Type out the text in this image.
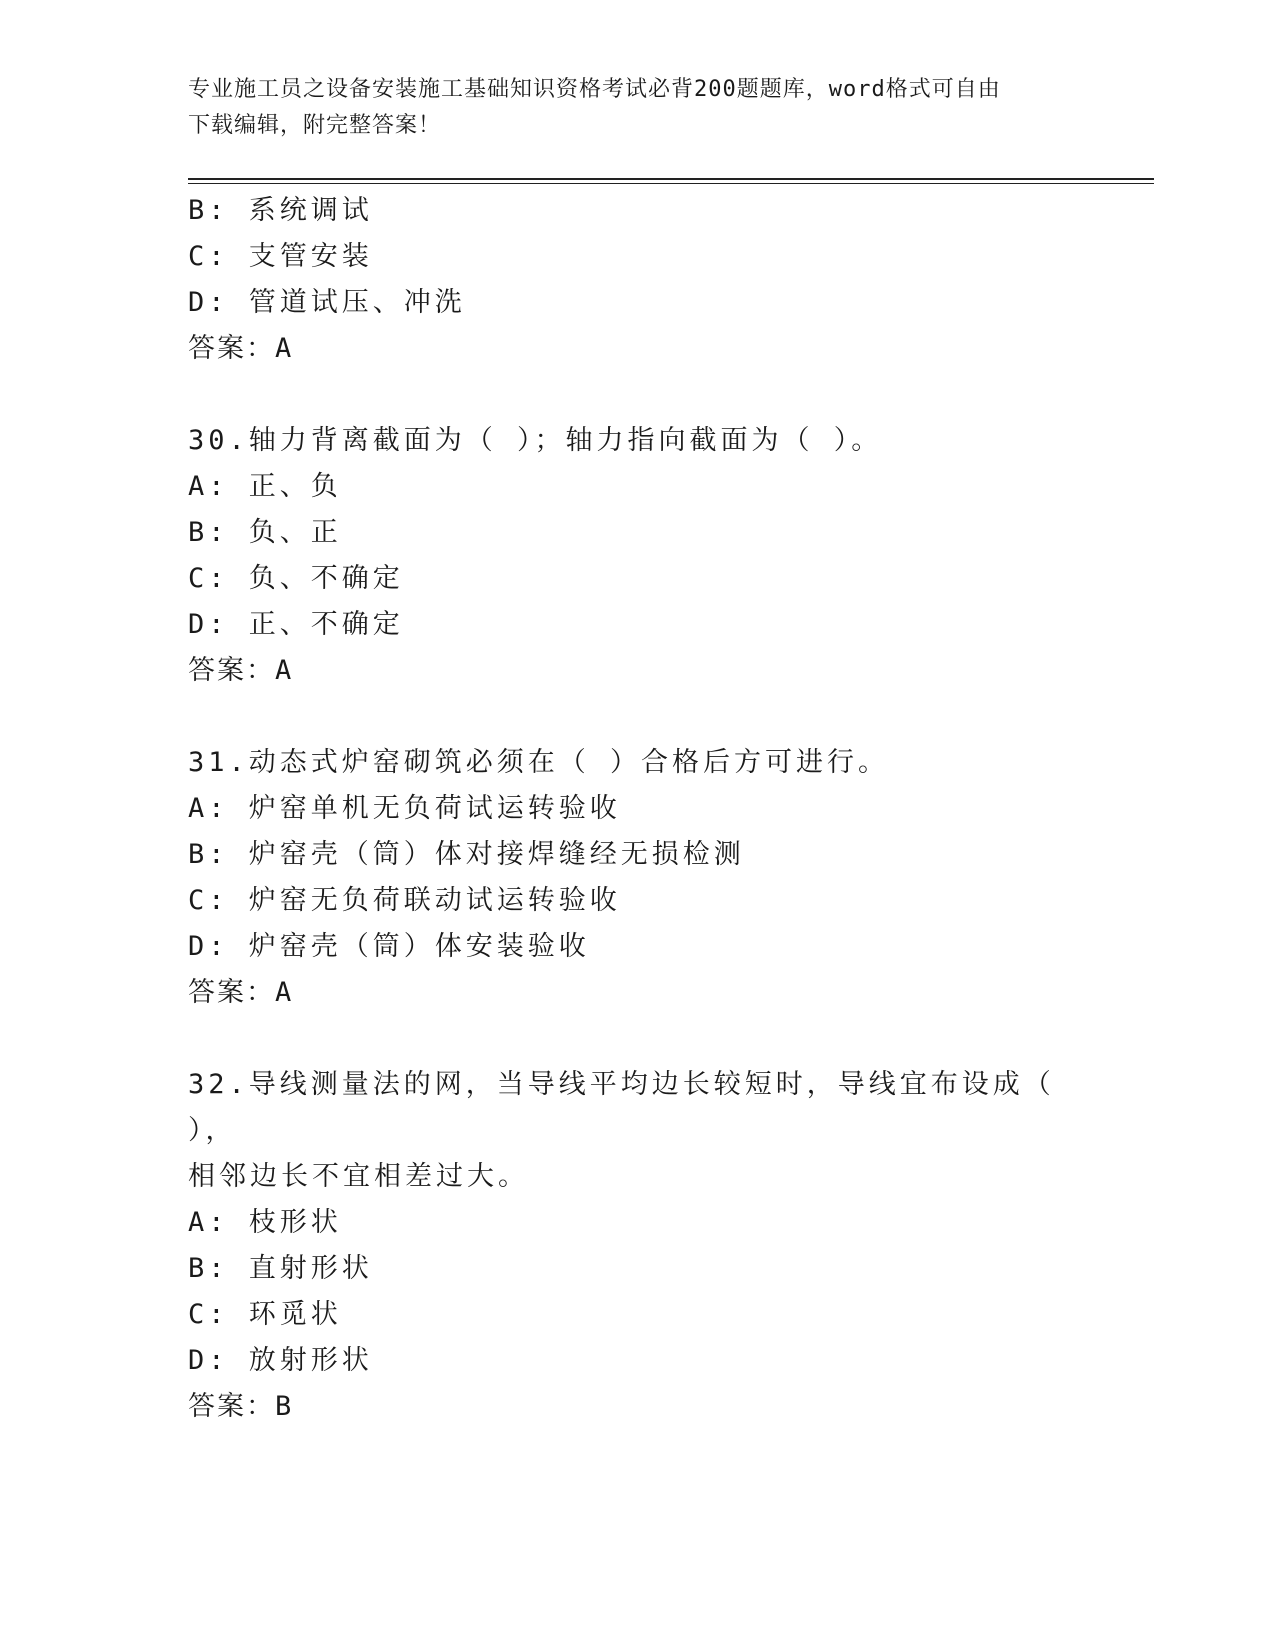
专业施工员之设备安装施工基础知识资格考试必背200题题库，word格式可自由
下载编辑，附完整答案！
B: 系统调试
C: 支管安装
D: 管道试压、冲洗
答案：A
30.轴力背离截面为（ ）；轴力指向截面为（ ）。
A: 正、负
B: 负、正
C: 负、不确定
D: 正、不确定
答案：A
31.动态式炉窑砌筑必须在（ ）合格后方可进行。
A: 炉窑单机无负荷试运转验收
B: 炉窑壳（筒）体对接焊缝经无损检测
C: 炉窑无负荷联动试运转验收
D: 炉窑壳（筒）体安装验收
答案：A
32.导线测量法的网，当导线平均边长较短时，导线宜布设成（ ），
相邻边长不宜相差过大。
A: 枝形状
B: 直射形状
C: 环觅状
D: 放射形状
答案：B
